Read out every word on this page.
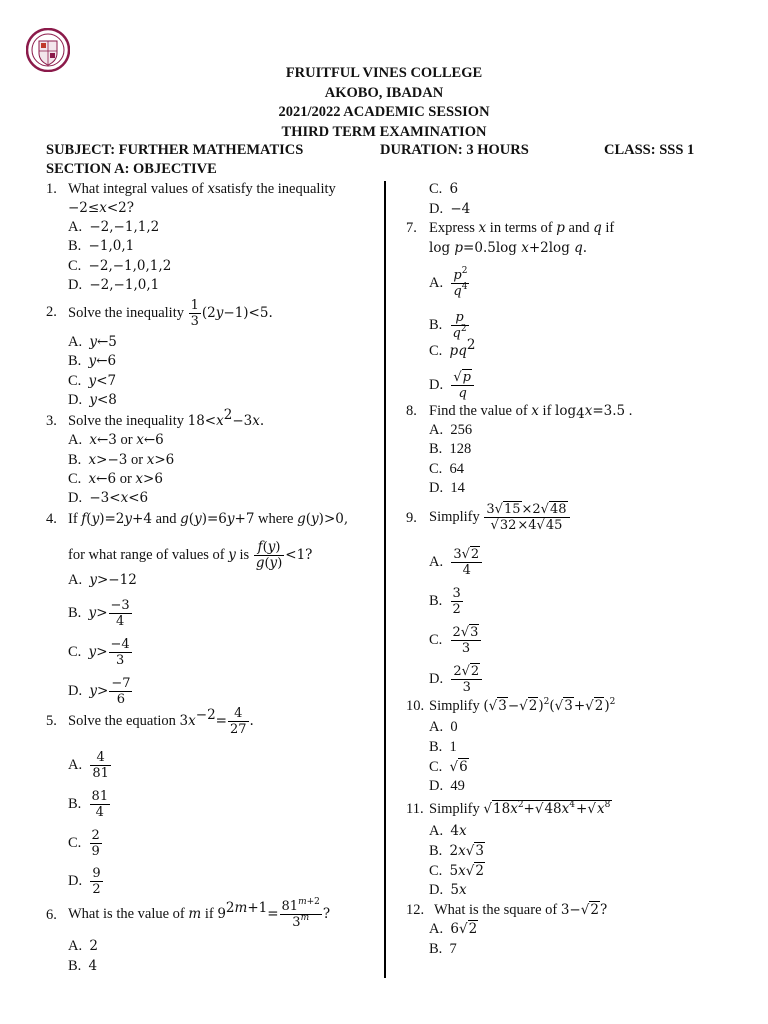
FRUITFUL VINES COLLEGE
AKOBO, IBADAN
2021/2022 ACADEMIC SESSION
THIRD TERM EXAMINATION
SUBJECT: FURTHER MATHEMATICS	DURATION: 3 HOURS	CLASS: SSS 1
SECTION A: OBJECTIVE
1. What integral values of xsatisfy the inequality
−2≤x<2?
A. −2,−1,1,2
B. −1,0,1
C. −2,−1,0,1,2
D. −2,−1,0,1
2. Solve the inequality $\frac{1}{3} (2y-1)<5$.
A. y←5
B. y←6
C. y<7
D. y<8
3. Solve the inequality $18<x^2-3x$.
A. x←3 or x←6
B. x>−3 or x>6
C. x←6 or x>6
D. −3<x<6
4. If f(y)=2y+4 and g(y)=6y+7 where g(y)>0,
for what range of values of y is $\frac{f(y)}{g(y)} <1$?
A. y>−12
B. $y> \frac{-3}{4}$
C. $y> \frac{-4}{3}$
D. $y> \frac{-7}{6}$
5. Solve the equation $3x^{-2}= \frac{4}{27}$ .
A. $\frac{4}{81}$
B. $\frac{81}{4}$
C. $\frac{2}{9}$
D. $\frac{9}{2}$
6. What is the value of m if $9^{2m+1}= \frac{81^{m+2}}{3^m}$ ?
A. 2
B. 4
C. 6
D. −4
7. Express x in terms of p and q if
log p=0.5log x+2log q.
A. $\frac{p^2}{q^4}$
B. $\frac{p}{q^2}$
C. $pq^2$
D. $\frac{√p}{q}$
8. Find the value of x if $\log_4x=3.5$ .
A. 256
B. 128
C. 64
D. 14
9. Simplify $\frac{3√15\times 2√48}{√32\times 4√45}$
A. $\frac{3√2}{4}$
B. $\frac{3}{2}$
C. $\frac{2√3}{3}$
D. $\frac{2√2}{3}$
10. Simplify $(√3-√2)^2(√3+√2)^2$
A. 0
B. 1
C. √6
D. 49
11. Simplify $√18x^2+√48x^4+√x^8$
A. 4x
B. 2x√3
C. 5x√2
D. 5x
12. What is the square of 3−√2?
A. 6√2
B. 7
